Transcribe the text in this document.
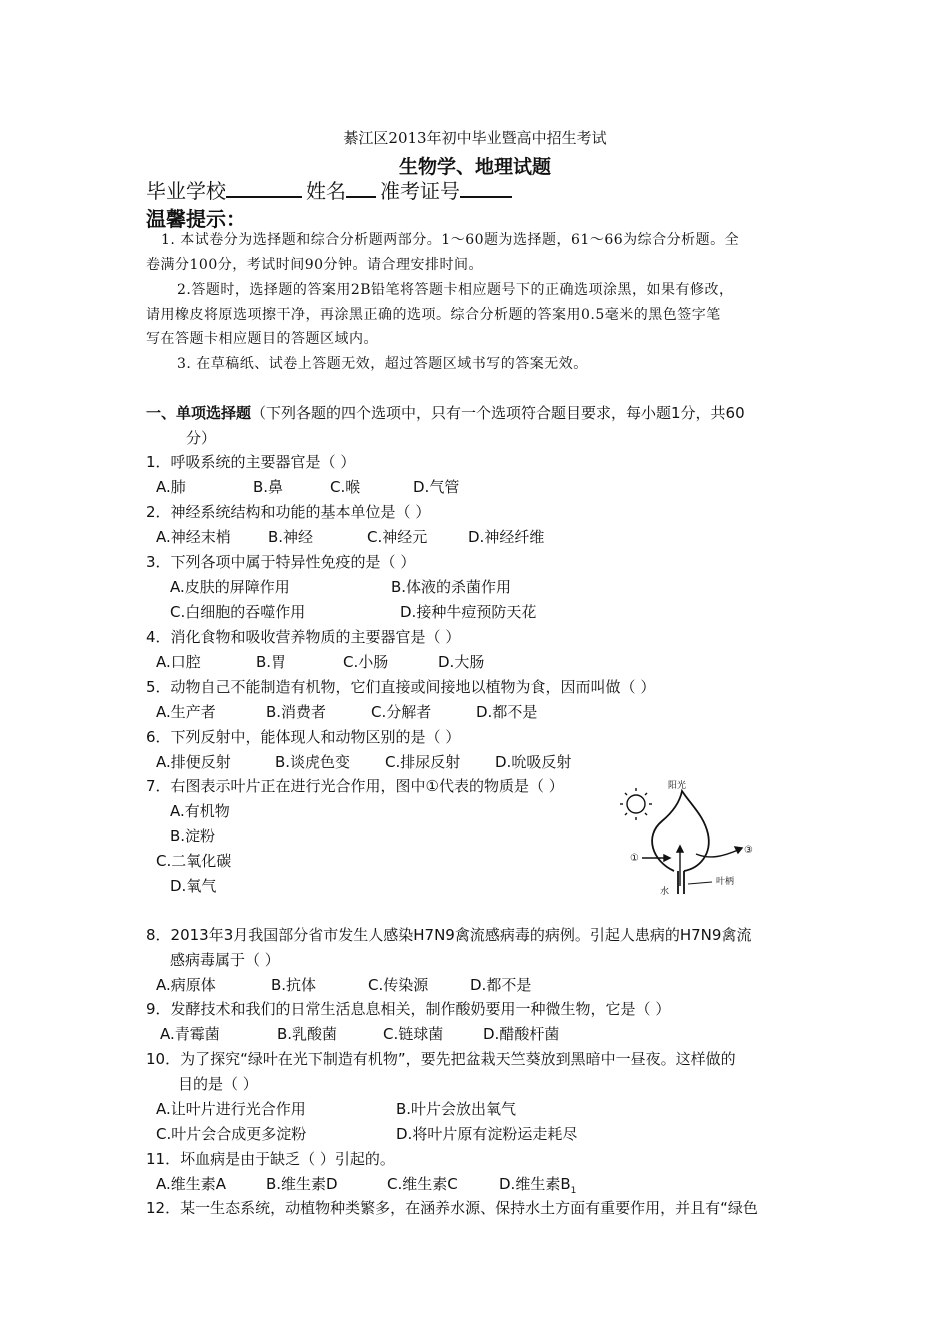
綦江区2013年初中毕业暨高中招生考试
生物学、地理试题
毕业学校	姓名 准考证号
温馨提示：
1. 本试卷分为选择题和综合分析题两部分。1～60题为选择题，61～66为综合分析题。全
卷满分100分，考试时间90分钟。请合理安排时间。
2.答题时，选择题的答案用2B铅笔将答题卡相应题号下的正确选项涂黑，如果有修改，
请用橡皮将原选项擦干净，再涂黑正确的选项。综合分析题的答案用0.5毫米的黑色签字笔
写在答题卡相应题目的答题区域内。
3. 在草稿纸、试卷上答题无效，超过答题区域书写的答案无效。
一、单项选择题（下列各题的四个选项中，只有一个选项符合题目要求，每小题1分，共60
分）
1．呼吸系统的主要器官是（ ）
A.肺	B.鼻	C.喉	D.气管
2．神经系统结构和功能的基本单位是（ ）
A.神经末梢 B.神经	C.神经元	D.神经纤维
3．下列各项中属于特异性免疫的是（ ）
A.皮肤的屏障作用	B.体液的杀菌作用
C.白细胞的吞噬作用	D.接种牛痘预防天花
4．消化食物和吸收营养物质的主要器官是（ ）
A.口腔	B.胃	C.小肠	D.大肠
5．动物自己不能制造有机物，它们直接或间接地以植物为食，因而叫做（ ）
A.生产者	B.消费者	C.分解者	D.都不是
6．下列反射中，能体现人和动物区别的是（ ）
A.排便反射	B.谈虎色变 C.排尿反射 D.吮吸反射
7．右图表示叶片正在进行光合作用，图中①代表的物质是（ ）
A.有机物
B.淀粉
C.二氧化碳
D.氧气
阳光
①
③
水
叶柄
8．2013年3月我国部分省市发生人感染H7N9禽流感病毒的病例。引起人患病的H7N9禽流
感病毒属于（ ）
A.病原体	B.抗体	C.传染源	D.都不是
9．发酵技术和我们的日常生活息息相关，制作酸奶要用一种微生物，它是（ ）
A.青霉菌	B.乳酸菌	C.链球菌	D.醋酸杆菌
10．为了探究“绿叶在光下制造有机物”，要先把盆栽天竺葵放到黑暗中一昼夜。这样做的
目的是（ ）
A.让叶片进行光合作用	B.叶片会放出氧气
C.叶片会合成更多淀粉	D.将叶片原有淀粉运走耗尽
11．坏血病是由于缺乏（ ）引起的。
A.维生素A	B.维生素D	C.维生素C	D.维生素$B_1$
12．某一生态系统，动植物种类繁多，在涵养水源、保持水土方面有重要作用，并且有“绿色
